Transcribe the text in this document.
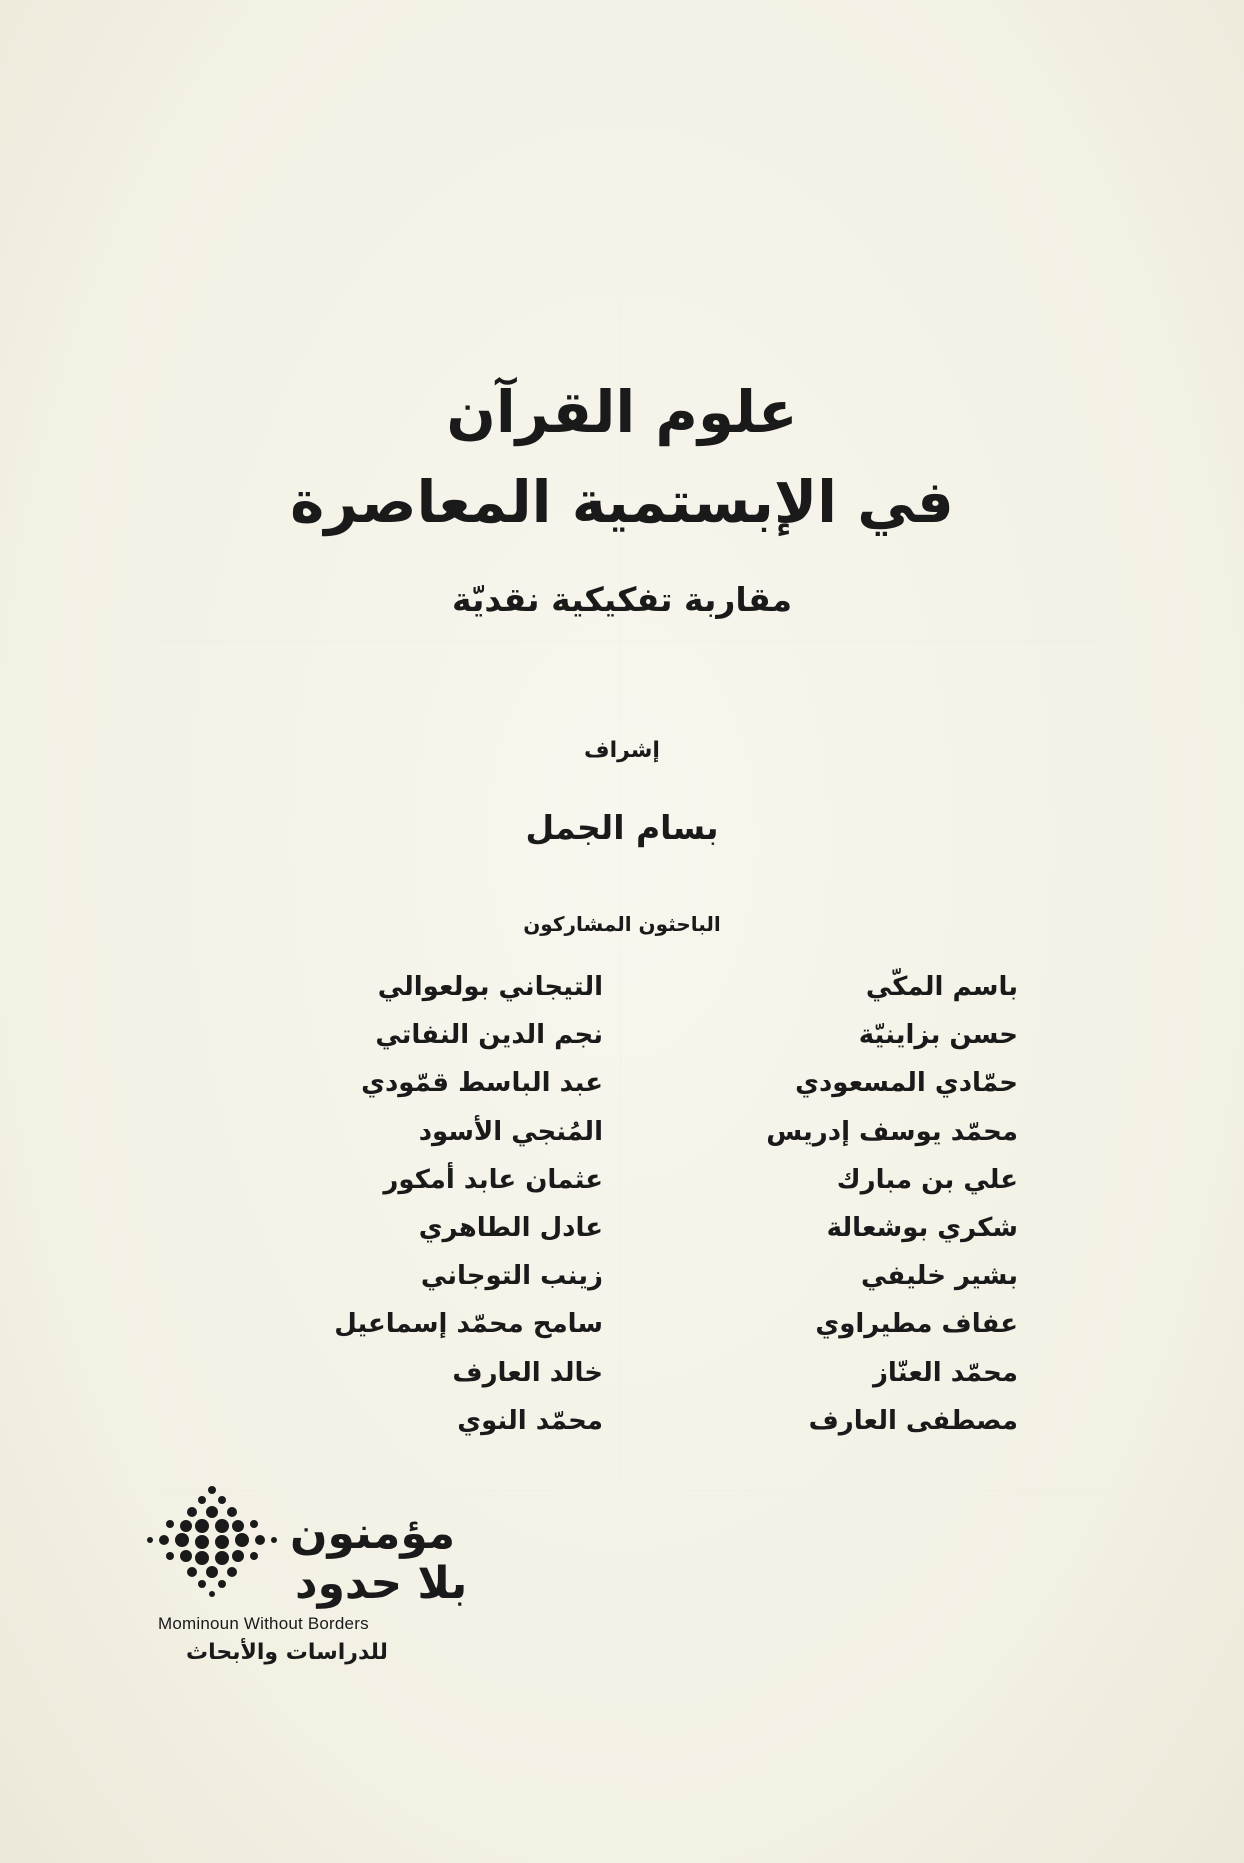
علوم القرآن
في الإبستمية المعاصرة
مقاربة تفكيكية نقديّة
إشراف
بسام الجمل
الباحثون المشاركون
باسم المكّي
حسن بزاينيّة
حمّادي المسعودي
محمّد يوسف إدريس
علي بن مبارك
شكري بوشعالة
بشير خليفي
عفاف مطيراوي
محمّد العنّاز
مصطفى العارف
التيجاني بولعوالي
نجم الدين النفاتي
عبد الباسط قمّودي
المُنجي الأسود
عثمان عابد أمكور
عادل الطاهري
زينب التوجاني
سامح محمّد إسماعيل
خالد العارف
محمّد النوي
مؤمنون
بلا حدود
Mominoun Without Borders
للدراسات والأبحاث
